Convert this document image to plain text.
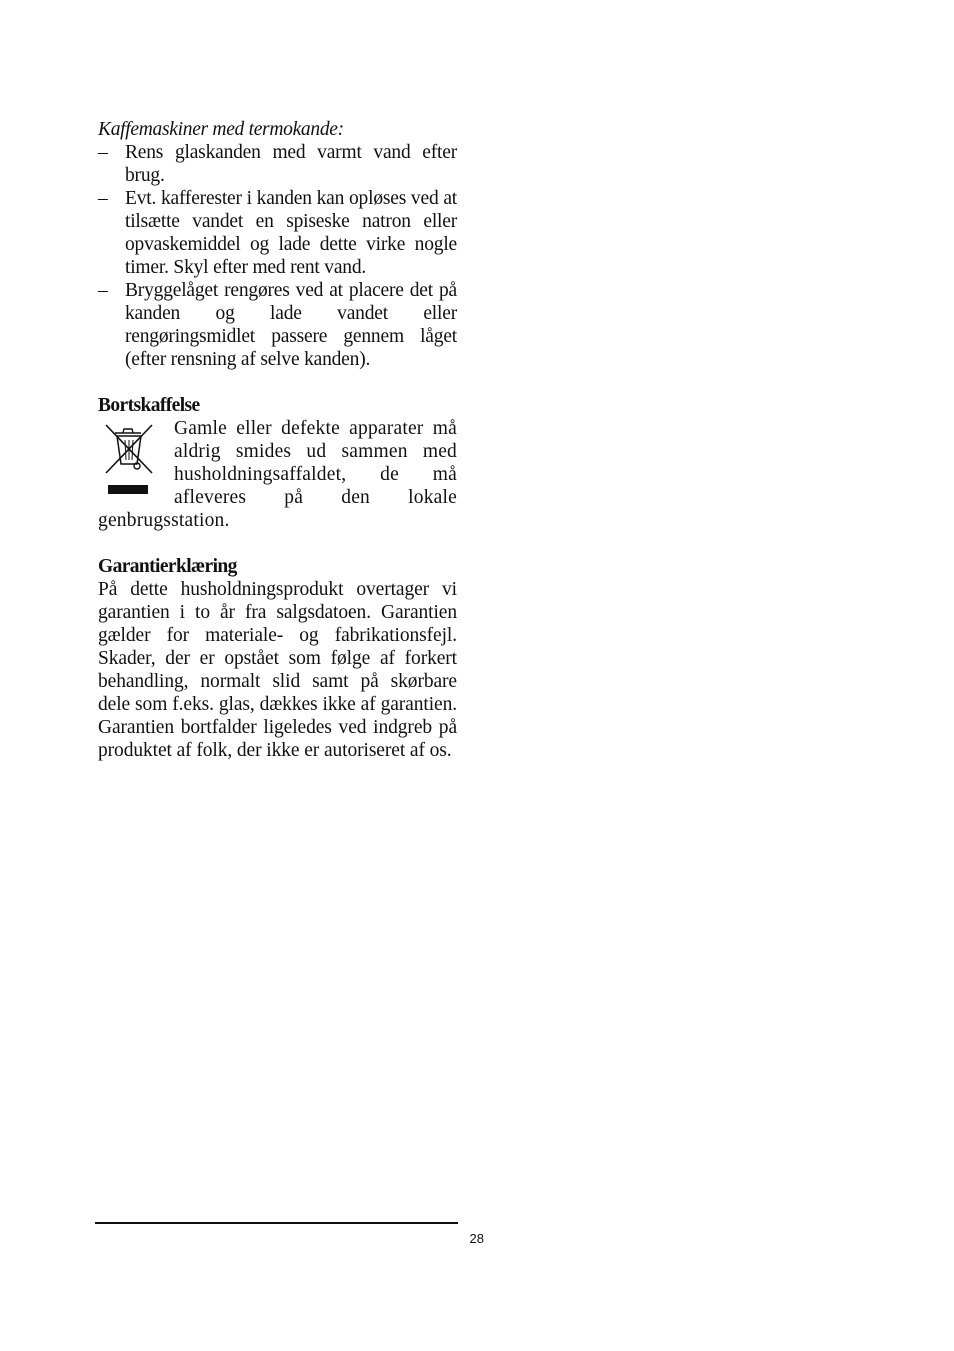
Kaffemaskiner med termokande:

– Rens glaskanden med varmt vand efter brug.
– Evt. kafferester i kanden kan opløses ved at tilsætte vandet en spiseske natron eller opvaskemiddel og lade dette virke nogle timer. Skyl efter med rent vand.
– Bryggelåget rengøres ved at placere det på kanden og lade vandet eller rengøringsmidlet passere gennem låget (efter rensning af selve kanden).

Bortskaffelse

Gamle eller defekte apparater må aldrig smides ud sammen med husholdningsaffaldet, de må afleveres på den lokale genbrugsstation.

Garantierklæring

På dette husholdningsprodukt overtager vi garantien i to år fra salgsdatoen. Garantien gælder for materiale- og fabrikationsfejl. Skader, der er opstået som følge af forkert behandling, normalt slid samt på skørbare dele som f.eks. glas, dækkes ikke af garantien. Garantien bortfalder ligeledes ved indgreb på produktet af folk, der ikke er autoriseret af os.

28
